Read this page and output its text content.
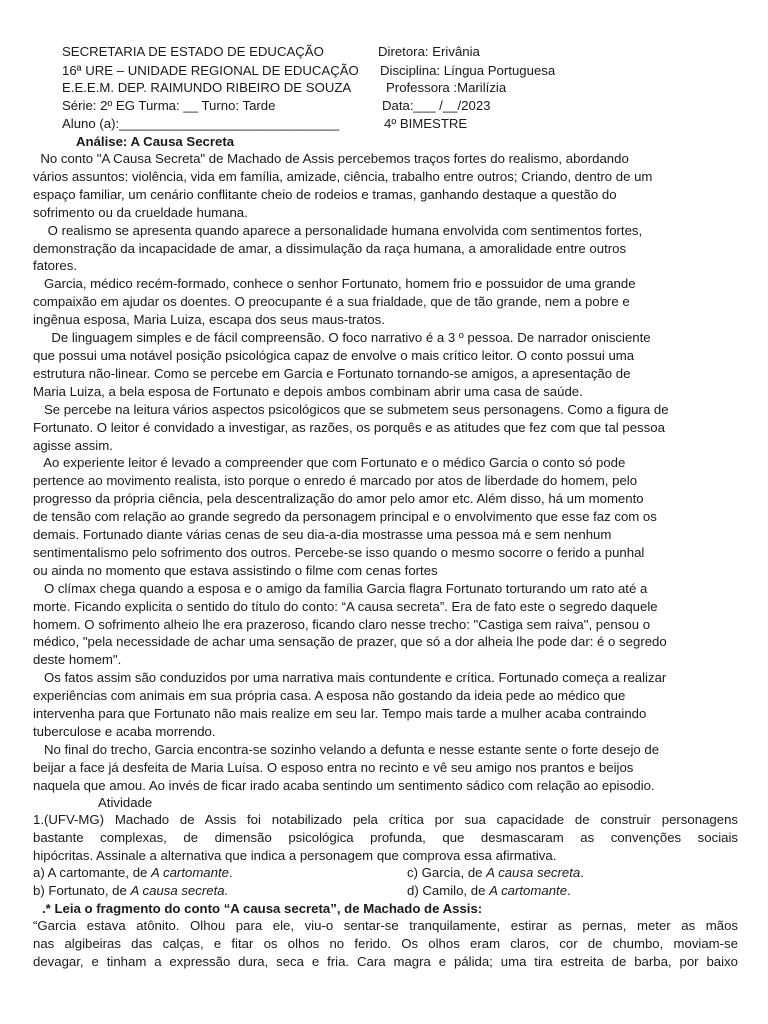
SECRETARIA DE ESTADO DE EDUCAÇÃO	Diretora: Erivânia
16ª URE – UNIDADE REGIONAL DE EDUCAÇÃO Disciplina: Língua Portuguesa
E.E.E.M. DEP. RAIMUNDO RIBEIRO DE SOUZA	Professora :Marilízia
Série: 2º EG Turma: __ Turno: Tarde	Data:___ /__/2023
Aluno (a):______________________________	4º BIMESTRE
Análise: A Causa Secreta
No conto "A Causa Secreta" de Machado de Assis percebemos traços fortes do realismo, abordando
vários assuntos: violência, vida em família, amizade, ciência, trabalho entre outros; Criando, dentro de um
espaço familiar, um cenário conflitante cheio de rodeios e tramas, ganhando destaque a questão do
sofrimento ou da crueldade humana.
O realismo se apresenta quando aparece a personalidade humana envolvida com sentimentos fortes,
demonstração da incapacidade de amar, a dissimulação da raça humana, a amoralidade entre outros
fatores.
Garcia, médico recém-formado, conhece o senhor Fortunato, homem frio e possuidor de uma grande
compaixão em ajudar os doentes. O preocupante é a sua frialdade, que de tão grande, nem a pobre e
ingênua esposa, Maria Luiza, escapa dos seus maus-tratos.
De linguagem simples e de fácil compreensão. O foco narrativo é a 3 º pessoa. De narrador onisciente
que possui uma notável posição psicológica capaz de envolve o mais crítico leitor. O conto possui uma
estrutura não-linear. Como se percebe em Garcia e Fortunato tornando-se amigos, a apresentação de
Maria Luiza, a bela esposa de Fortunato e depois ambos combinam abrir uma casa de saúde.
Se percebe na leitura vários aspectos psicológicos que se submetem seus personagens. Como a figura de
Fortunato. O leitor é convidado a investigar, as razões, os porquês e as atitudes que fez com que tal pessoa
agisse assim.
Ao experiente leitor é levado a compreender que com Fortunato e o médico Garcia o conto só pode
pertence ao movimento realista, isto porque o enredo é marcado por atos de liberdade do homem, pelo
progresso da própria ciência, pela descentralização do amor pelo amor etc. Além disso, há um momento
de tensão com relação ao grande segredo da personagem principal e o envolvimento que esse faz com os
demais. Fortunado diante várias cenas de seu dia-a-dia mostrasse uma pessoa má e sem nenhum
sentimentalismo pelo sofrimento dos outros. Percebe-se isso quando o mesmo socorre o ferido a punhal
ou ainda no momento que estava assistindo o filme com cenas fortes
O clímax chega quando a esposa e o amigo da família Garcia flagra Fortunato torturando um rato até a
morte. Ficando explicita o sentido do título do conto: “A causa secreta”. Era de fato este o segredo daquele
homem. O sofrimento alheio lhe era prazeroso, ficando claro nesse trecho: "Castiga sem raiva", pensou o
médico, "pela necessidade de achar uma sensação de prazer, que só a dor alheia lhe pode dar: é o segredo
deste homem".
Os fatos assim são conduzidos por uma narrativa mais contundente e crítica. Fortunado começa a realizar
experiências com animais em sua própria casa. A esposa não gostando da ideia pede ao médico que
intervenha para que Fortunato não mais realize em seu lar. Tempo mais tarde a mulher acaba contraindo
tuberculose e acaba morrendo.
No final do trecho, Garcia encontra-se sozinho velando a defunta e nesse estante sente o forte desejo de
beijar a face já desfeita de Maria Luísa. O esposo entra no recinto e vê seu amigo nos prantos e beijos
naquela que amou. Ao invés de ficar irado acaba sentindo um sentimento sádico com relação ao episodio.
Atividade
1.(UFV-MG) Machado de Assis foi notabilizado pela crítica por sua capacidade de construir personagens
bastante complexas, de dimensão psicológica profunda, que desmascaram as convenções sociais
hipócritas. Assinale a alternativa que indica a personagem que comprova essa afirmativa.
a) A cartomante, de A cartomante.	c) Garcia, de A causa secreta.
b) Fortunato, de A causa secreta.	d) Camilo, de A cartomante.
.* Leia o fragmento do conto “A causa secreta”, de Machado de Assis:
“Garcia estava atônito. Olhou para ele, viu-o sentar-se tranquilamente, estirar as pernas, meter as mãos
nas algibeiras das calças, e fitar os olhos no ferido. Os olhos eram claros, cor de chumbo, moviam-se
devagar, e tinham a expressão dura, seca e fria. Cara magra e pálida; uma tira estreita de barba, por baixo
